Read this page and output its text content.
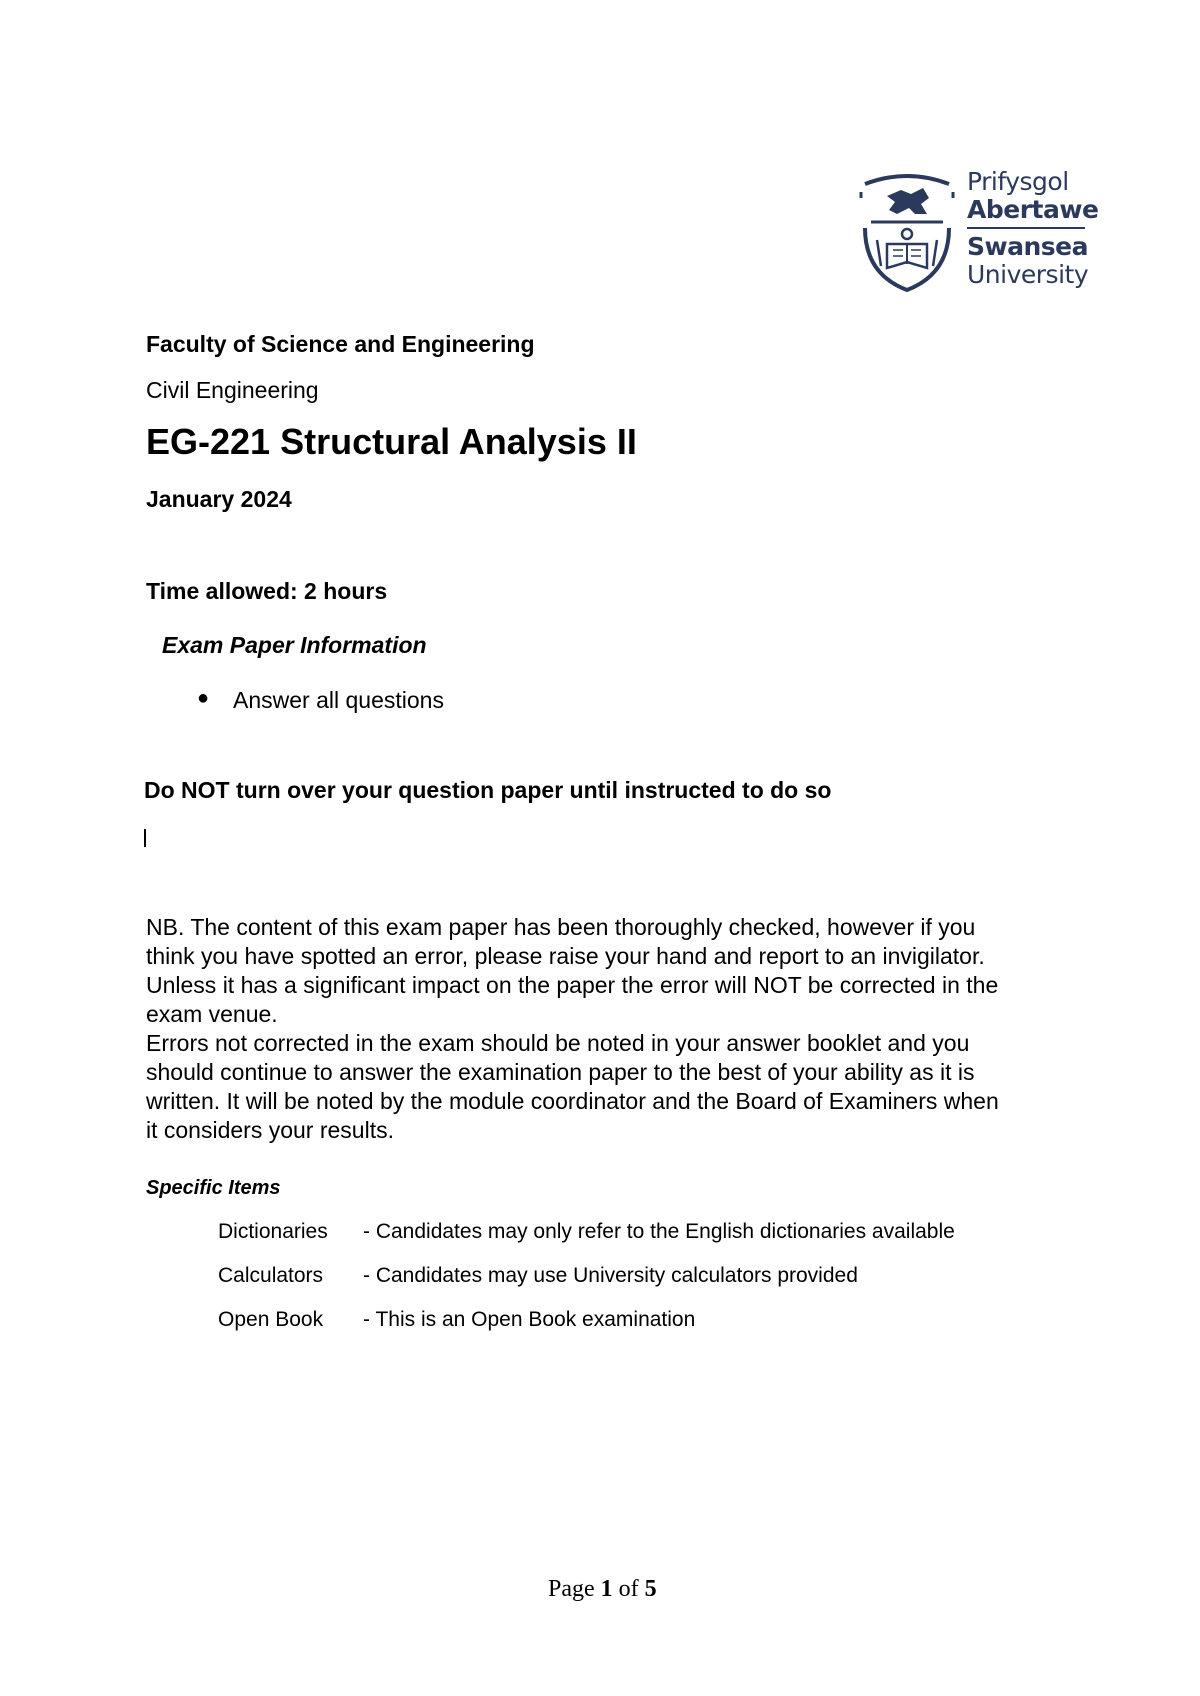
Prifysgol
Abertawe
Swansea
University
Faculty of Science and Engineering
Civil Engineering
EG-221 Structural Analysis II
January 2024
Time allowed: 2 hours
Exam Paper Information
● Answer all questions
Do NOT turn over your question paper until instructed to do so

NB. The content of this exam paper has been thoroughly checked, however if you think you have spotted an error, please raise your hand and report to an invigilator. Unless it has a significant impact on the paper the error will NOT be corrected in the exam venue.

Errors not corrected in the exam should be noted in your answer booklet and you should continue to answer the examination paper to the best of your ability as it is written. It will be noted by the module coordinator and the Board of Examiners when it considers your results.

Specific Items
Dictionaries - Candidates may only refer to the English dictionaries available
Calculators - Candidates may use University calculators provided
Open Book - This is an Open Book examination
Page 1 of 5
